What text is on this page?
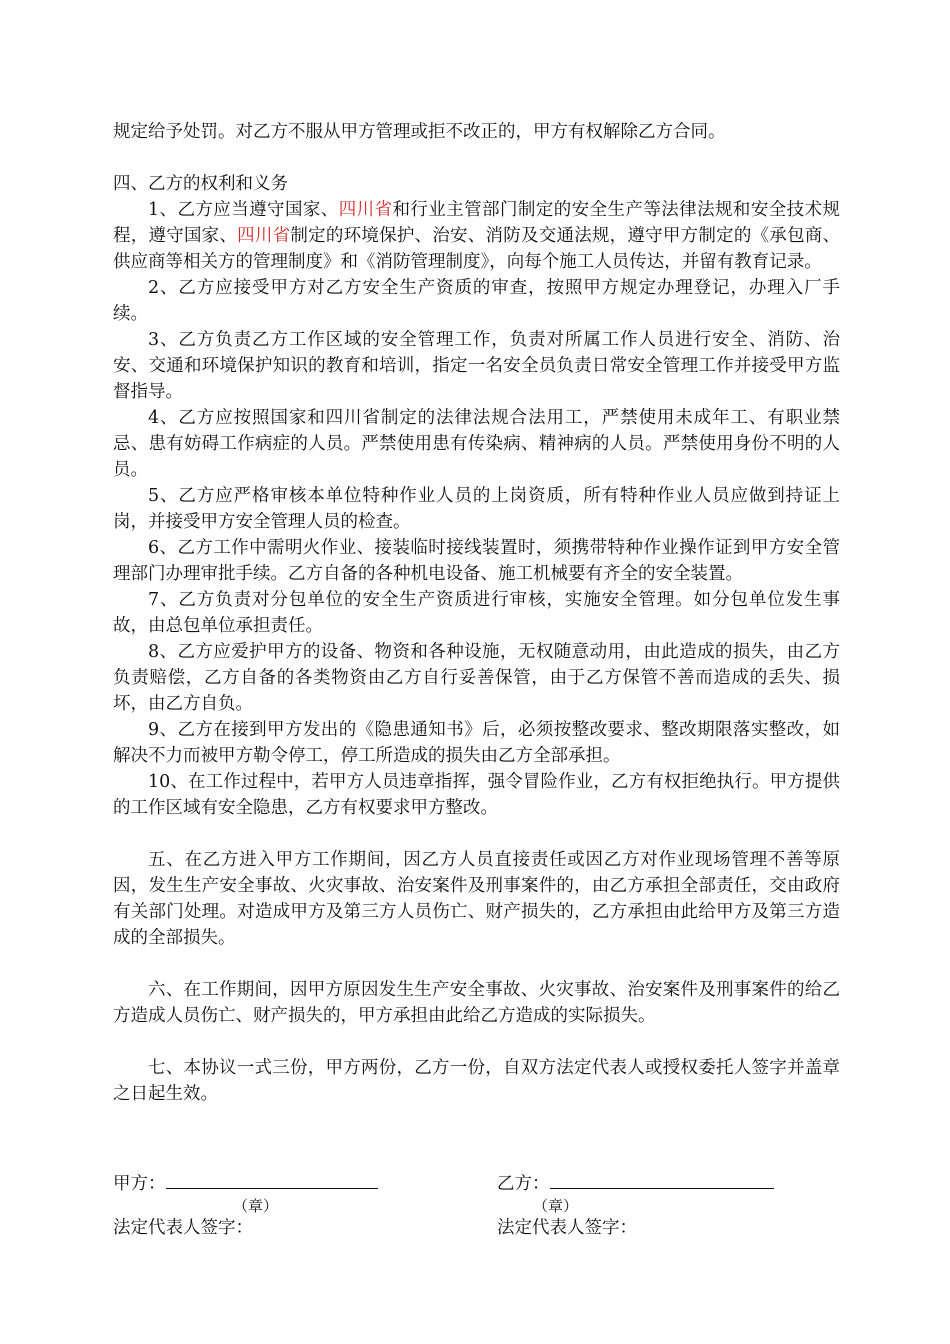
规定给予处罚。对乙方不服从甲方管理或拒不改正的，甲方有权解除乙方合同。

四、乙方的权利和义务

1、乙方应当遵守国家、四川省和行业主管部门制定的安全生产等法律法规和安全技术规程，遵守国家、四川省制定的环境保护、治安、消防及交通法规，遵守甲方制定的《承包商、供应商等相关方的管理制度》和《消防管理制度》，向每个施工人员传达，并留有教育记录。

2、乙方应接受甲方对乙方安全生产资质的审查，按照甲方规定办理登记，办理入厂手续。

3、乙方负责乙方工作区域的安全管理工作，负责对所属工作人员进行安全、消防、治安、交通和环境保护知识的教育和培训，指定一名安全员负责日常安全管理工作并接受甲方监督指导。

4、乙方应按照国家和四川省制定的法律法规合法用工，严禁使用未成年工、有职业禁忌、患有妨碍工作病症的人员。严禁使用患有传染病、精神病的人员。严禁使用身份不明的人员。

5、乙方应严格审核本单位特种作业人员的上岗资质，所有特种作业人员应做到持证上岗，并接受甲方安全管理人员的检查。

6、乙方工作中需明火作业、接装临时接线装置时，须携带特种作业操作证到甲方安全管理部门办理审批手续。乙方自备的各种机电设备、施工机械要有齐全的安全装置。

7、乙方负责对分包单位的安全生产资质进行审核，实施安全管理。如分包单位发生事故，由总包单位承担责任。

8、乙方应爱护甲方的设备、物资和各种设施，无权随意动用，由此造成的损失，由乙方负责赔偿，乙方自备的各类物资由乙方自行妥善保管，由于乙方保管不善而造成的丢失、损坏，由乙方自负。

9、乙方在接到甲方发出的《隐患通知书》后，必须按整改要求、整改期限落实整改，如解决不力而被甲方勒令停工，停工所造成的损失由乙方全部承担。

10、在工作过程中，若甲方人员违章指挥，强令冒险作业，乙方有权拒绝执行。甲方提供的工作区域有安全隐患，乙方有权要求甲方整改。

五、在乙方进入甲方工作期间，因乙方人员直接责任或因乙方对作业现场管理不善等原因，发生生产安全事故、火灾事故、治安案件及刑事案件的，由乙方承担全部责任，交由政府有关部门处理。对造成甲方及第三方人员伤亡、财产损失的，乙方承担由此给甲方及第三方造成的全部损失。

六、在工作期间，因甲方原因发生生产安全事故、火灾事故、治安案件及刑事案件的给乙方造成人员伤亡、财产损失的，甲方承担由此给乙方造成的实际损失。

七、本协议一式三份，甲方两份，乙方一份，自双方法定代表人或授权委托人签字并盖章之日起生效。

甲方：
（章）
法定代表人签字：
乙方：
（章）
法定代表人签字：
